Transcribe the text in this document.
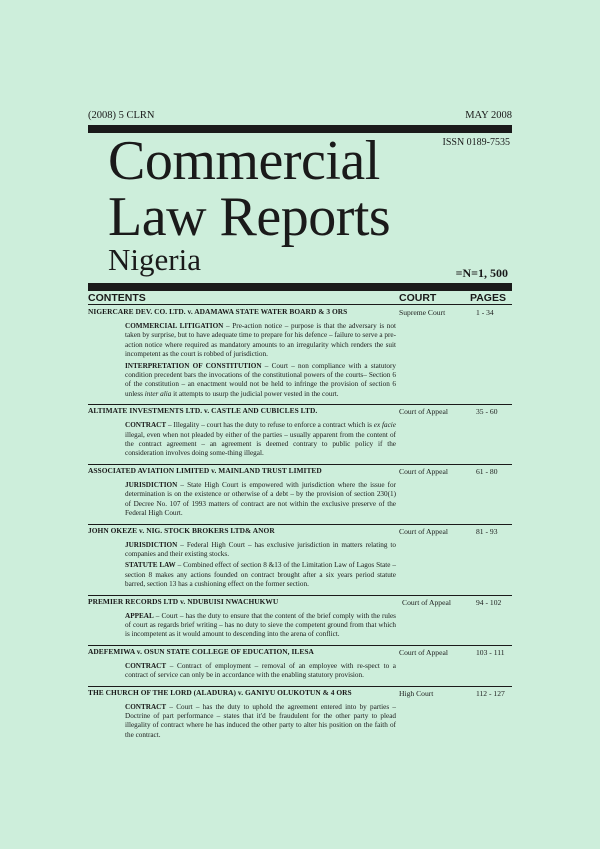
(2008) 5 CLRN	MAY 2008
ISSN 0189-7535
Commercial
Law Reports
Nigeria	=N=1, 500
CONTENTS	COURT	PAGES
NIGERCARE DEV. CO. LTD. v. ADAMAWA STATE WATER BOARD & 3 ORS	Supreme Court	1 - 34
COMMERCIAL LITIGATION – Pre-action notice – purpose is that the adversary is not taken by surprise, but to have adequate time to prepare for his defence – failure to serve a pre-action notice where required as mandatory amounts to an irregularity which renders the suit incompetent as the court is robbed of jurisdiction.
INTERPRETATION OF CONSTITUTION – Court – non compliance with a statutory condition precedent bars the invocations of the constitutional powers of the courts– Section 6 of the constitution – an enactment would not be held to infringe the provision of section 6 unless inter alia it attempts to usurp the judicial power vested in the court.
ALTIMATE INVESTMENTS LTD. v. CASTLE AND CUBICLES LTD.	Court of Appeal	35 - 60
CONTRACT – Illegality – court has the duty to refuse to enforce a contract which is ex facie illegal, even when not pleaded by either of the parties – usually apparent from the content of the contract agreement – an agreement is deemed contrary to public policy if the consideration involves doing some-thing illegal.
ASSOCIATED AVIATION LIMITED v. MAINLAND TRUST LIMITED	Court of Appeal	61 - 80
JURISDICTION – State High Court is empowered with jurisdiction where the issue for determination is on the existence or otherwise of a debt – by the provision of section 230(1) of Decree No. 107 of 1993 matters of contract are not within the exclusive preserve of the Federal High Court.
JOHN OKEZE v. NIG. STOCK BROKERS LTD& ANOR	Court of Appeal	81 - 93
JURISDICTION – Federal High Court – has exclusive jurisdiction in matters relating to companies and their existing stocks.
STATUTE LAW – Combined effect of section 8 &13 of the Limitation Law of Lagos State – section 8 makes any actions founded on contract brought after a six years period statute barred, section 13 has a cushioning effect on the former section.
PREMIER RECORDS LTD v. NDUBUISI NWACHUKWU	Court of Appeal	94 - 102
APPEAL – Court – has the duty to ensure that the content of the brief comply with the rules of court as regards brief writing – has no duty to sieve the competent ground from that which is incompetent as it would amount to descending into the arena of conflict.
ADEFEMIWA v. OSUN STATE COLLEGE OF EDUCATION, ILESA	Court of Appeal	103 - 111
CONTRACT – Contract of employment – removal of an employee with re-spect to a contract of service can only be in accordance with the enabling statutory provision.
THE CHURCH OF THE LORD (ALADURA) v. GANIYU OLUKOTUN & 4 ORS	High Court	112 - 127
CONTRACT – Court – has the duty to uphold the agreement entered into by parties – Doctrine of part performance – states that it'd be fraudulent for the other party to plead illegality of contract where he has induced the other party to alter his position on the faith of the contract.
